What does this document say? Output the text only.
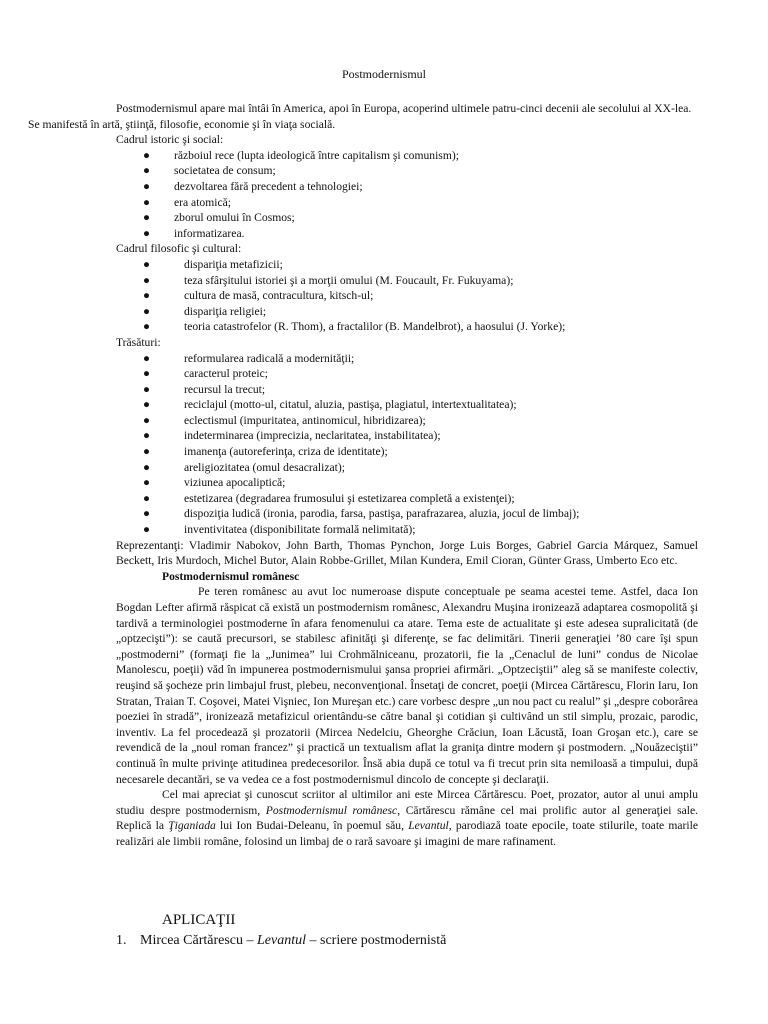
Postmodernismul

Postmodernismul apare mai întâi în America, apoi în Europa, acoperind ultimele patru-cinci decenii ale secolului al XX-lea. Se manifestă în artă, ştiinţă, filosofie, economie şi în viaţa socială.

Cadrul istoric şi social:

● războiul rece (lupta ideologică între capitalism şi comunism);
● societatea de consum;
● dezvoltarea fără precedent a tehnologiei;
● era atomică;
● zborul omului în Cosmos;
● informatizarea.

Cadrul filosofic şi cultural:

●	dispariţia metafizicii;
●	teza sfârşitului istoriei şi a morţii omului (M. Foucault, Fr. Fukuyama);
●	cultura de masă, contracultura, kitsch-ul;
●	dispariţia religiei;
●	teoria catastrofelor (R. Thom), a fractalilor (B. Mandelbrot), a haosului (J. Yorke);

Trăsături:

●	reformularea radicală a modernităţii;
●	caracterul proteic;
●	recursul la trecut;
●	reciclajul (motto-ul, citatul, aluzia, pastişa, plagiatul, intertextualitatea);
●	eclectismul (impuritatea, antinomicul, hibridizarea);
●	indeterminarea (imprecizia, neclaritatea, instabilitatea);
●	imanenţa (autoreferinţa, criza de identitate);
●	areligiozitatea (omul desacralizat);
●	viziunea apocaliptică;
●	estetizarea (degradarea frumosului şi estetizarea completă a existenţei);
●	dispoziţia ludică (ironia, parodia, farsa, pastişa, parafrazarea, aluzia, jocul de limbaj);
●	inventivitatea (disponibilitate formală nelimitată);

Reprezentanţi: Vladimir Nabokov, John Barth, Thomas Pynchon, Jorge Luis Borges, Gabriel Garcia Márquez, Samuel Beckett, Iris Murdoch, Michel Butor, Alain Robbe-Grillet, Milan Kundera, Emil Cioran, Günter Grass, Umberto Eco etc.

Postmodernismul românesc

Pe teren românesc au avut loc numeroase dispute conceptuale pe seama acestei teme. Astfel, daca Ion Bogdan Lefter afirmă răspicat că există un postmodernism românesc, Alexandru Muşina ironizează adaptarea cosmopolită şi tardivă a terminologiei postmoderne în afara fenomenului ca atare. Tema este de actualitate şi este adesea supralicitată (de „optzecişti”): se caută precursori, se stabilesc afinităţi şi diferenţe, se fac delimitări. Tinerii generaţiei ’80 care îşi spun „postmoderni” (formaţi fie la „Junimea” lui Crohmălniceanu, prozatorii, fie la „Cenaclul de luni” condus de Nicolae Manolescu, poeţii) văd în impunerea postmodernismului şansa propriei afirmări. „Optzeciştii” aleg să se manifeste colectiv, reuşind să şocheze prin limbajul frust, plebeu, neconvenţional. Însetaţi de concret, poeţii (Mircea Cărtărescu, Florin Iaru, Ion Stratan, Traian T. Coşovei, Matei Vişniec, Ion Mureşan etc.) care vorbesc despre „un nou pact cu realul” şi „despre coborârea poeziei în stradă”, ironizează metafizicul orientându-se către banal şi cotidian şi cultivând un stil simplu, prozaic, parodic, inventiv. La fel procedează şi prozatorii (Mircea Nedelciu, Gheorghe Crăciun, Ioan Lăcustă, Ioan Groşan etc.), care se revendică de la „noul roman francez” şi practică un textualism aflat la graniţa dintre modern şi postmodern. „Nouăzeciştii” continuă în multe privinţe atitudinea predecesorilor. Însă abia după ce totul va fi trecut prin sita nemiloasă a timpului, după necesarele decantări, se va vedea ce a fost postmodernismul dincolo de concepte şi declaraţii.

Cel mai apreciat şi cunoscut scriitor al ultimilor ani este Mircea Cărtărescu. Poet, prozator, autor al unui amplu studiu despre postmodernism, Postmodernismul românesc, Cărtărescu rămâne cel mai prolific autor al generaţiei sale. Replică la Ţiganiada lui Ion Budai-Deleanu, în poemul său, Levantul, parodiază toate epocile, toate stilurile, toate marile realizări ale limbii române, folosind un limbaj de o rară savoare şi imagini de mare rafinament.

APLICAŢII
1. Mircea Cărtărescu – Levantul – scriere postmodernistă
